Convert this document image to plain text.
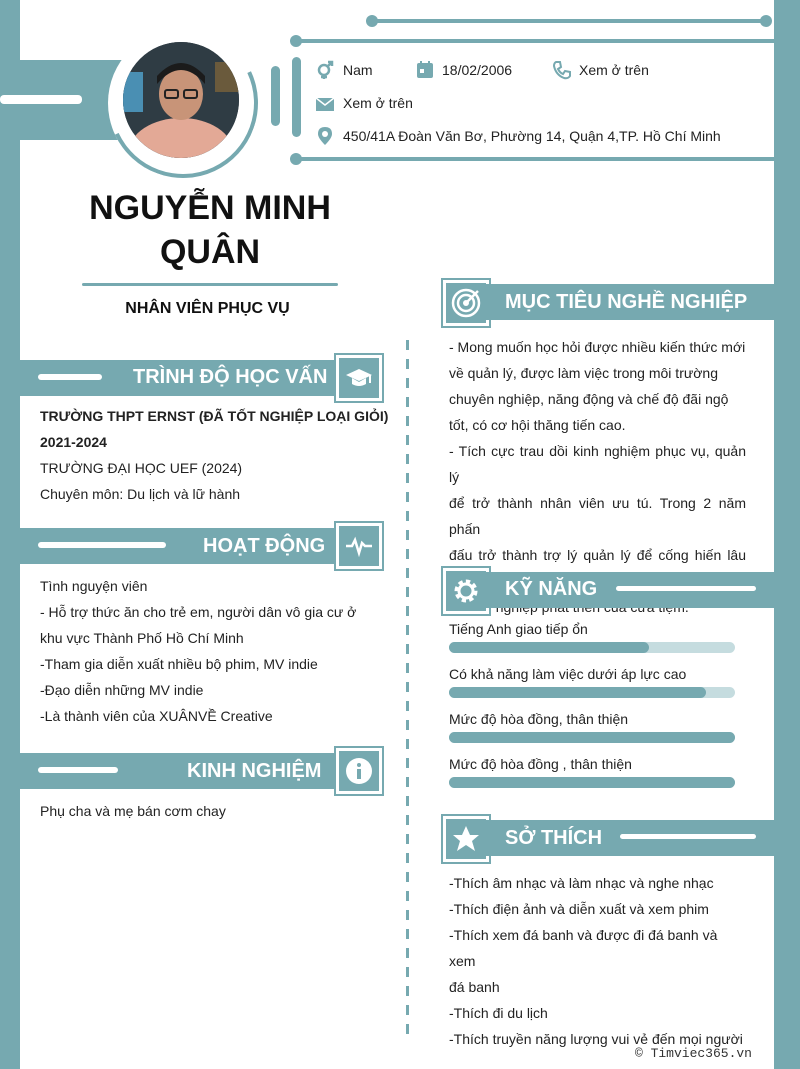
Nam	18/02/2006	Xem ở trên
Xem ở trên
450/41A Đoàn Văn Bơ, Phường 14, Quận 4,TP. Hồ Chí Minh
NGUYỄN MINH
QUÂN
NHÂN VIÊN PHỤC VỤ
TRÌNH ĐỘ HỌC VẤN
TRƯỜNG THPT ERNST (ĐÃ TỐT NGHIỆP LOẠI GIỎI)
2021-2024
TRƯỜNG ĐẠI HỌC UEF (2024)
Chuyên môn: Du lịch và lữ hành
HOẠT ĐỘNG
Tình nguyện viên
- Hỗ trợ thức ăn cho trẻ em, người dân vô gia cư ở
khu vực Thành Phố Hồ Chí Minh
-Tham gia diễn xuất nhiều bộ phim, MV indie
-Đạo diễn những MV indie
-Là thành viên của XUÂNVỀ Creative
KINH NGHIỆM
Phụ cha và mẹ bán cơm chay
MỤC TIÊU NGHỀ NGHIỆP
- Mong muốn học hỏi được nhiều kiến thức mới
về quản lý, được làm việc trong môi trường
chuyên nghiệp, năng động và chế độ đãi ngộ
tốt, có cơ hội thăng tiến cao.
- Tích cực trau dồi kinh nghiệm phục vụ, quản lý
để trở thành nhân viên ưu tú. Trong 2 năm phấn
đấu trở thành trợ lý quản lý để cống hiến lâu
KỸ NĂNG
Tiếng Anh giao tiếp ổn
Có khả năng làm việc dưới áp lực cao
Mức độ hòa đồng, thân thiện
Mức độ hòa đồng , thân thiện
SỞ THÍCH
-Thích âm nhạc và làm nhạc và nghe nhạc
-Thích điện ảnh và diễn xuất và xem phim
-Thích xem đá banh và được đi đá banh và xem
đá banh
-Thích đi du lịch
-Thích truyền năng lượng vui vẻ đến mọi người
© Timviec365.vn
